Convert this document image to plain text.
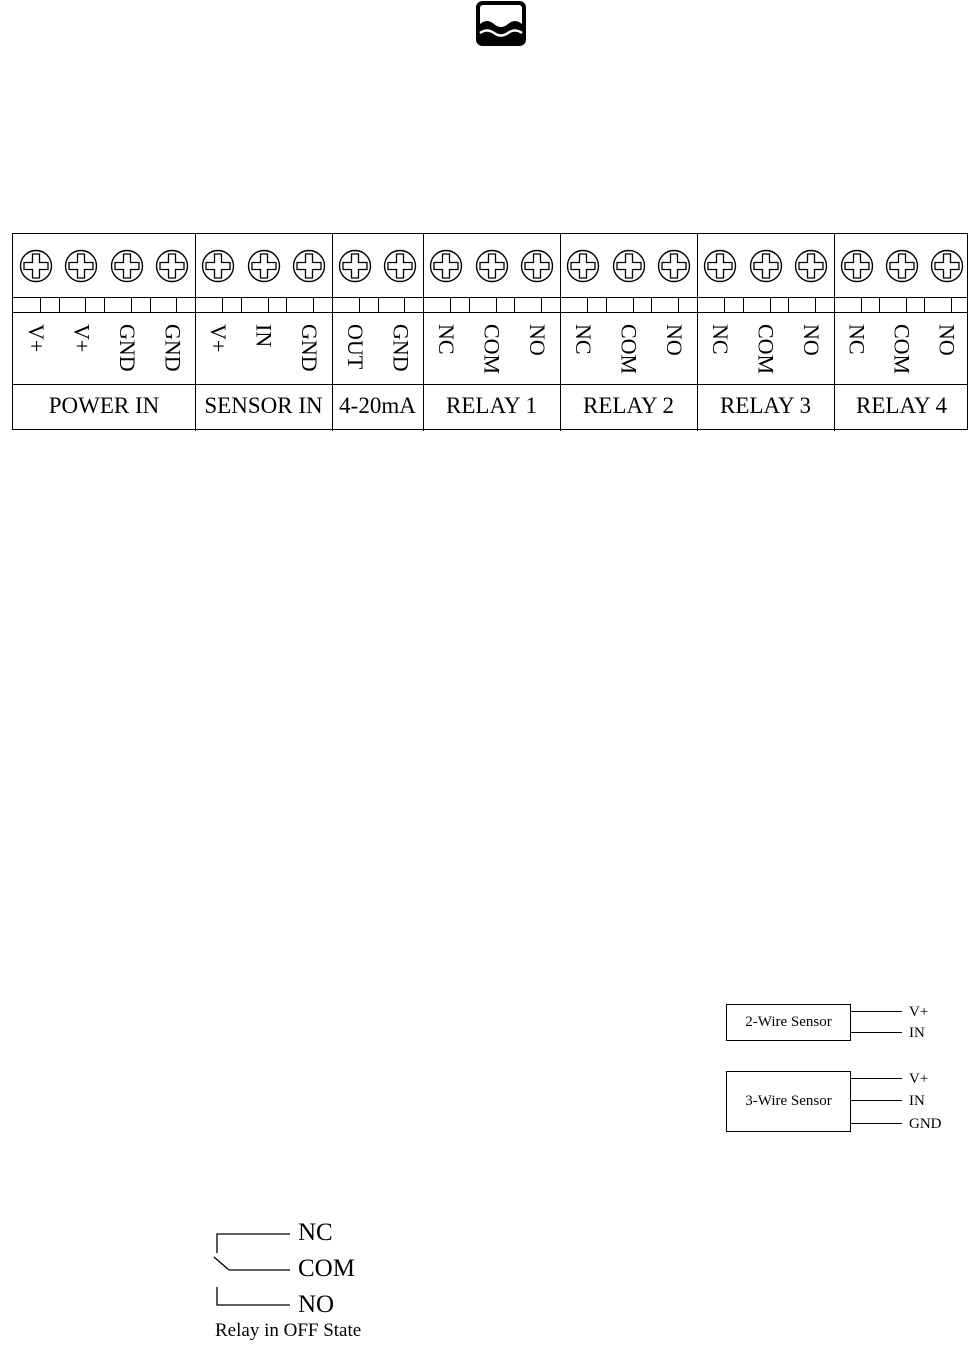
V+ V+ GND GND
POWER IN
V+ IN GND
SENSOR IN
OUT GND
4-20mA
NC COM NO
RELAY 1
NC COM NO
RELAY 2
NC COM NO
RELAY 3
NC COM NO
RELAY 4
2-Wire Sensor
V+
IN
3-Wire Sensor
V+
IN
GND
NC
COM
NO
Relay in OFF State
